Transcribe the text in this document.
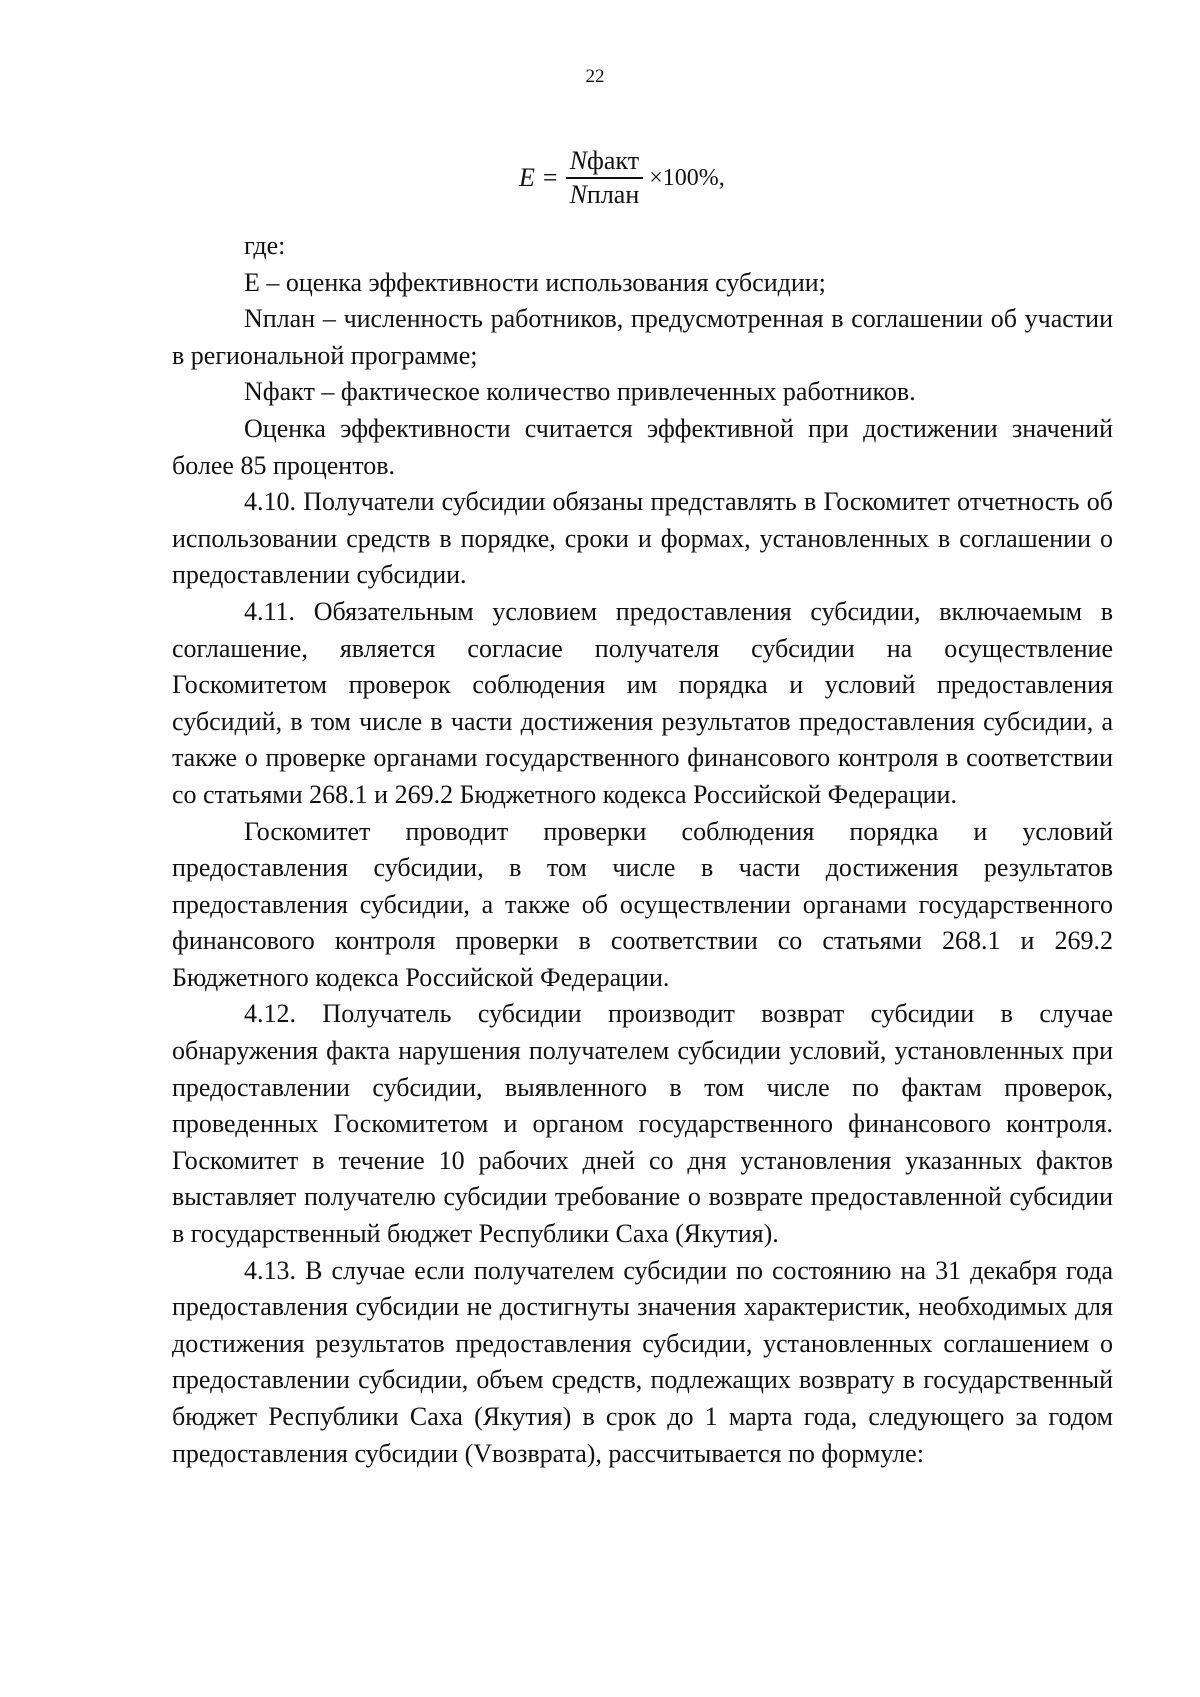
22
$E = \frac{\text{Nфакт}}{\text{Nплан}} \times 100\%$,

где:

Е – оценка эффективности использования субсидии;

Nплан – численность работников, предусмотренная в соглашении об участии в региональной программе;

Nфакт – фактическое количество привлеченных работников.

Оценка эффективности считается эффективной при достижении значений более 85 процентов.

4.10. Получатели субсидии обязаны представлять в Госкомитет отчетность об использовании средств в порядке, сроки и формах, установленных в соглашении о предоставлении субсидии.

4.11. Обязательным условием предоставления субсидии, включаемым в соглашение, является согласие получателя субсидии на осуществление Госкомитетом проверок соблюдения им порядка и условий предоставления субсидий, в том числе в части достижения результатов предоставления субсидии, а также о проверке органами государственного финансового контроля в соответствии со статьями 268.1 и 269.2 Бюджетного кодекса Российской Федерации.

Госкомитет проводит проверки соблюдения порядка и условий предоставления субсидии, в том числе в части достижения результатов предоставления субсидии, а также об осуществлении органами государственного финансового контроля проверки в соответствии со статьями 268.1 и 269.2 Бюджетного кодекса Российской Федерации.

4.12. Получатель субсидии производит возврат субсидии в случае обнаружения факта нарушения получателем субсидии условий, установленных при предоставлении субсидии, выявленного в том числе по фактам проверок, проведенных Госкомитетом и органом государственного финансового контроля. Госкомитет в течение 10 рабочих дней со дня установления указанных фактов выставляет получателю субсидии требование о возврате предоставленной субсидии в государственный бюджет Республики Саха (Якутия).

4.13. В случае если получателем субсидии по состоянию на 31 декабря года предоставления субсидии не достигнуты значения характеристик, необходимых для достижения результатов предоставления субсидии, установленных соглашением о предоставлении субсидии, объем средств, подлежащих возврату в государственный бюджет Республики Саха (Якутия) в срок до 1 марта года, следующего за годом предоставления субсидии (Vвозврата), рассчитывается по формуле:
